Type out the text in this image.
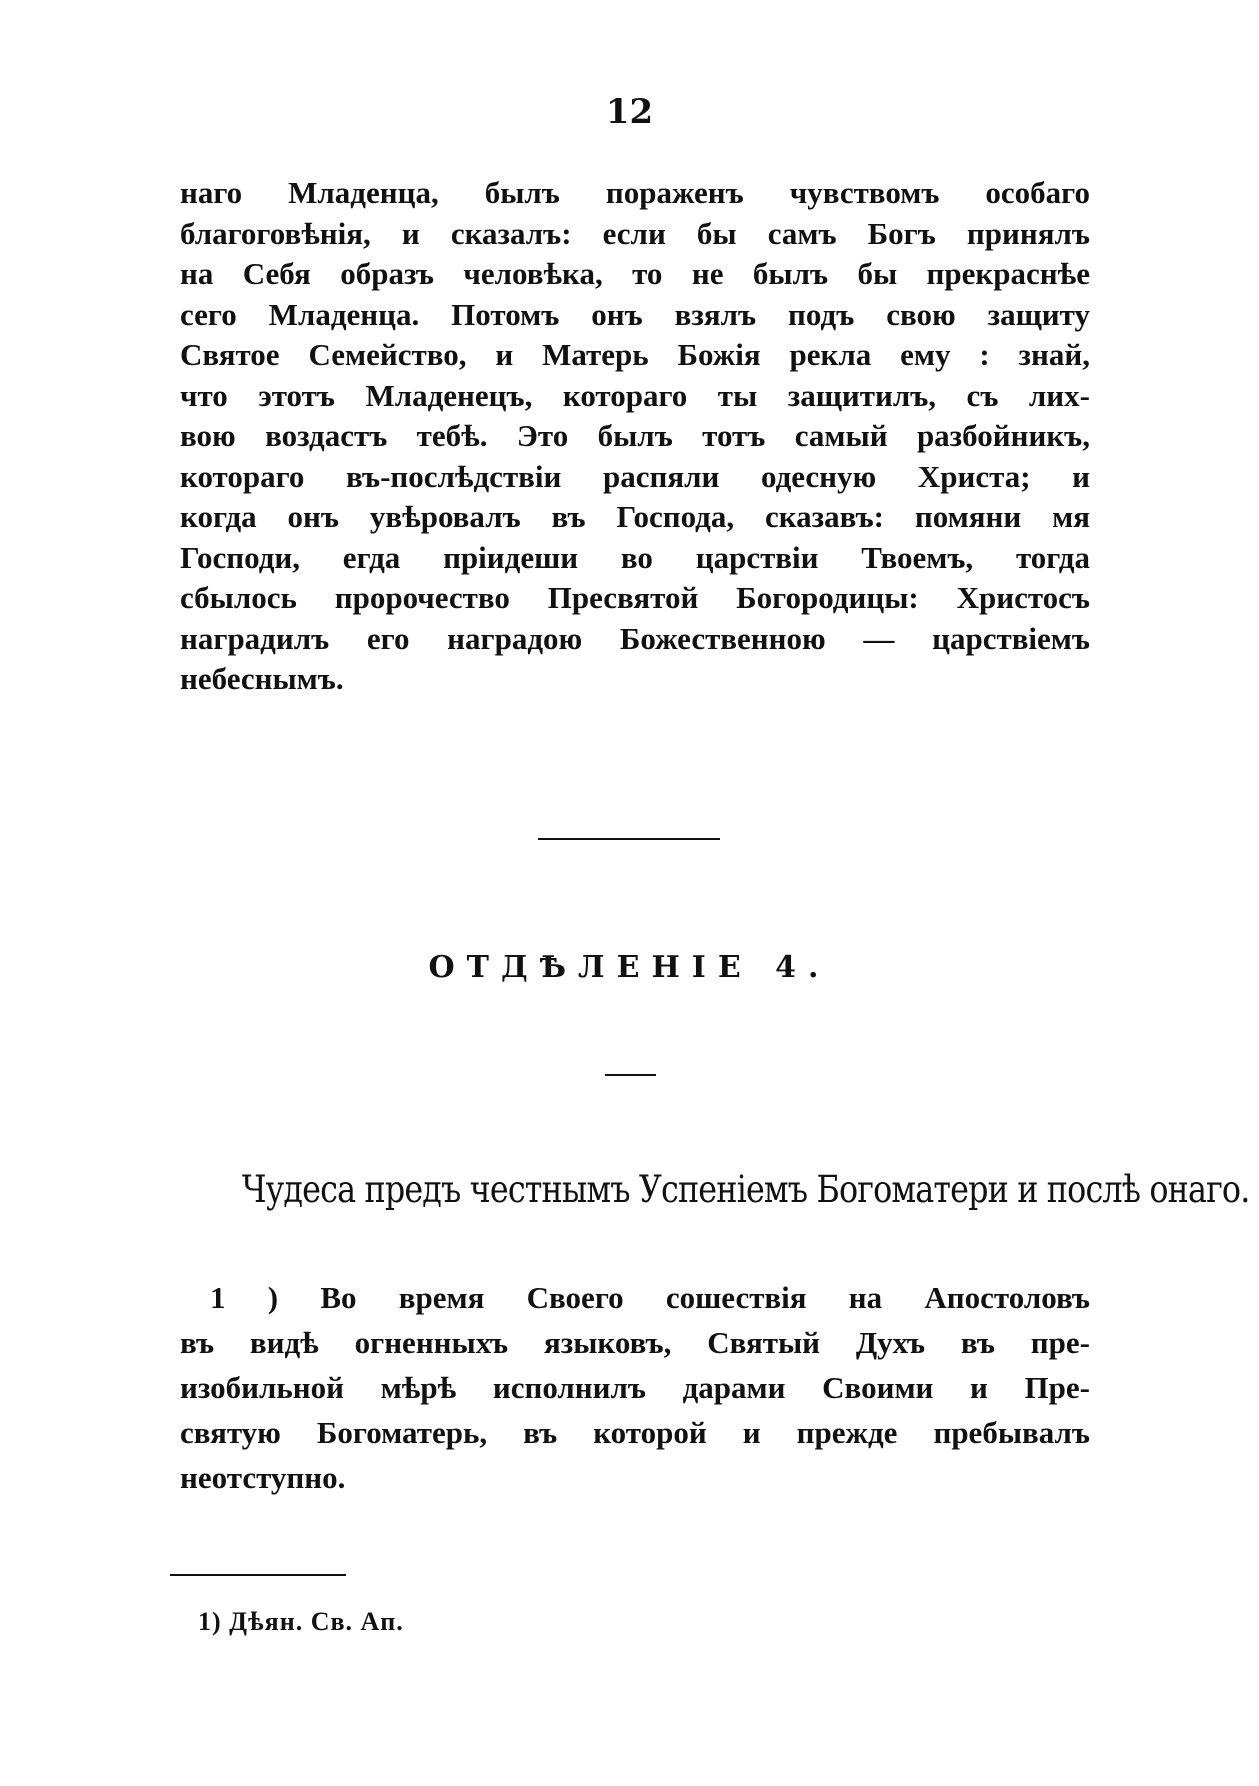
12
наго Младенца, былъ пораженъ чувствомъ особаго
благоговѣнія, и сказалъ: если бы самъ Богъ принялъ
на Себя образъ человѣка, то не былъ бы прекраснѣе
сего Младенца. Потомъ онъ взялъ подъ свою защиту
Святое Семейство, и Матерь Божія рекла ему : знай,
что этотъ Младенецъ, котораго ты защитилъ, съ лих-
вою воздастъ тебѣ. Это былъ тотъ самый разбойникъ,
котораго въ-послѣдствіи распяли одесную Христа; и
когда онъ увѣровалъ въ Господа, сказавъ: помяни мя
Господи, егда пріидеши во царствіи Твоемъ, тогда
сбылось пророчество Пресвятой Богородицы: Христосъ
наградилъ его наградою Божественною — царствіемъ
небеснымъ.
ОТДѢЛЕНІЕ 4.
Чудеса предъ честнымъ Успеніемъ Богоматери и послѣ онаго.
1 ) Во время Своего сошествія на Апостоловъ
въ видѣ огненныхъ языковъ, Святый Духъ въ пре-
изобильной мѣрѣ исполнилъ дарами Своими и Пре-
святую Богоматерь, въ которой и прежде пребывалъ
неотступно.
1) Дѣян. Св. Ап.
